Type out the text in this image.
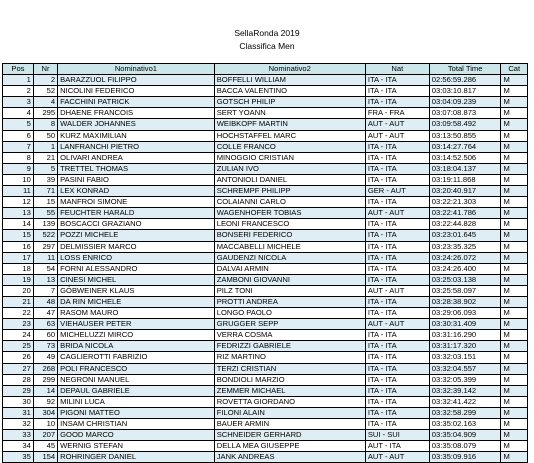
SellaRonda 2019
Classifica Men
Pos	Nr	Nominativo1	Nominativo2	Nat	Total Time	Cat
1	2	BARAZZUOL FILIPPO	BOFFELLI WILLIAM	ITA - ITA	02:56:59.286	M
2	52	NICOLINI FEDERICO	BACCA VALENTINO	ITA - ITA	03:03:10.817	M
3	4	FACCHINI PATRICK	GOTSCH PHILIP	ITA - ITA	03:04:09.239	M
4	295	DHAENE FRANCOIS	SERT YOANN	FRA - FRA	03:07:08.873	M
5	8	WALDER JOHANNES	WEIBKOPF MARTIN	AUT - AUT	03:09:58.492	M
6	50	KURZ MAXIMILIAN	HOCHSTAFFEL MARC	AUT - AUT	03:13:50.855	M
7	1	LANFRANCHI PIETRO	COLLE FRANCO	ITA - ITA	03:14:27.764	M
8	21	OLIVARI ANDREA	MINOGGIO CRISTIAN	ITA - ITA	03:14:52.506	M
9	5	TRETTEL THOMAS	ZULIAN IVO	ITA - ITA	03:18:04.137	M
10	39	PASINI FABIO	ANTONIOLI DANIEL	ITA - ITA	03:19:11.868	M
11	71	LEX KONRAD	SCHREMPF PHILIPP	GER - AUT	03:20:40.917	M
12	15	MANFROI SIMONE	COLAIANNI CARLO	ITA - ITA	03:22:21.303	M
13	55	FEUCHTER HARALD	WAGENHOFER TOBIAS	AUT - AUT	03:22:41.786	M
14	139	BOSCACCI GRAZIANO	LEONI FRANCESCO	ITA - ITA	03:22:44.828	M
15	522	POZZI MICHELE	BONSERI FEDERICO	ITA - ITA	03:23:01.645	M
16	297	DELMISSIER MARCO	MACCABELLI MICHELE	ITA - ITA	03:23:35.325	M
17	11	LOSS ENRICO	GAUDENZI NICOLA	ITA - ITA	03:24:26.072	M
18	54	FORNI ALESSANDRO	DALVAI ARMIN	ITA - ITA	03:24:26.400	M
19	13	CINESI MICHEL	ZAMBONI GIOVANNI	ITA - ITA	03:25:03.138	M
20	7	GÖBWEINER KLAUS	PILZ TONI	AUT - AUT	03:25:58.097	M
21	48	DA RIN MICHELE	PROTTI ANDREA	ITA - ITA	03:28:38.902	M
22	47	RASOM MAURO	LONGO PAOLO	ITA - ITA	03:29:06.093	M
23	63	VIEHAUSER PETER	GRUGGER SEPP	AUT - AUT	03:30:31.409	M
24	60	MICHELUZZI MIRCO	VERRA COSMA	ITA - ITA	03:31:16.290	M
25	73	BRIDA NICOLA	FEDRIZZI GABRIELE	ITA - ITA	03:31:17.320	M
26	49	CAGLIEROTTI FABRIZIO	RIZ MARTINO	ITA - ITA	03:32:03.151	M
27	268	POLI FRANCESCO	TERZI CRISTIAN	ITA - ITA	03:32:04.557	M
28	299	NEGRONI MANUEL	BONDIOLI MARZIO	ITA - ITA	03:32:05.399	M
29	14	DEPAUL GABRIELE	ZEMMER MICHAEL	ITA - ITA	03:32:39.142	M
30	92	MILINI LUCA	ROVETTA GIORDANO	ITA - ITA	03:32:41.422	M
31	304	PIGONI MATTEO	FILONI ALAIN	ITA - ITA	03:32:58.299	M
32	10	INSAM CHRISTIAN	BAUER ARMIN	ITA - ITA	03:35:02.163	M
33	207	GOOD MARCO	SCHNEIDER GERHARD	SUI - SUI	03:35:04.909	M
34	45	WERNIG STEFAN	DELLA MEA GIUSEPPE	AUT - ITA	03:35:08.079	M
35	154	ROHRINGER DANIEL	JANK ANDREAS	AUT - AUT	03:35:09.916	M
